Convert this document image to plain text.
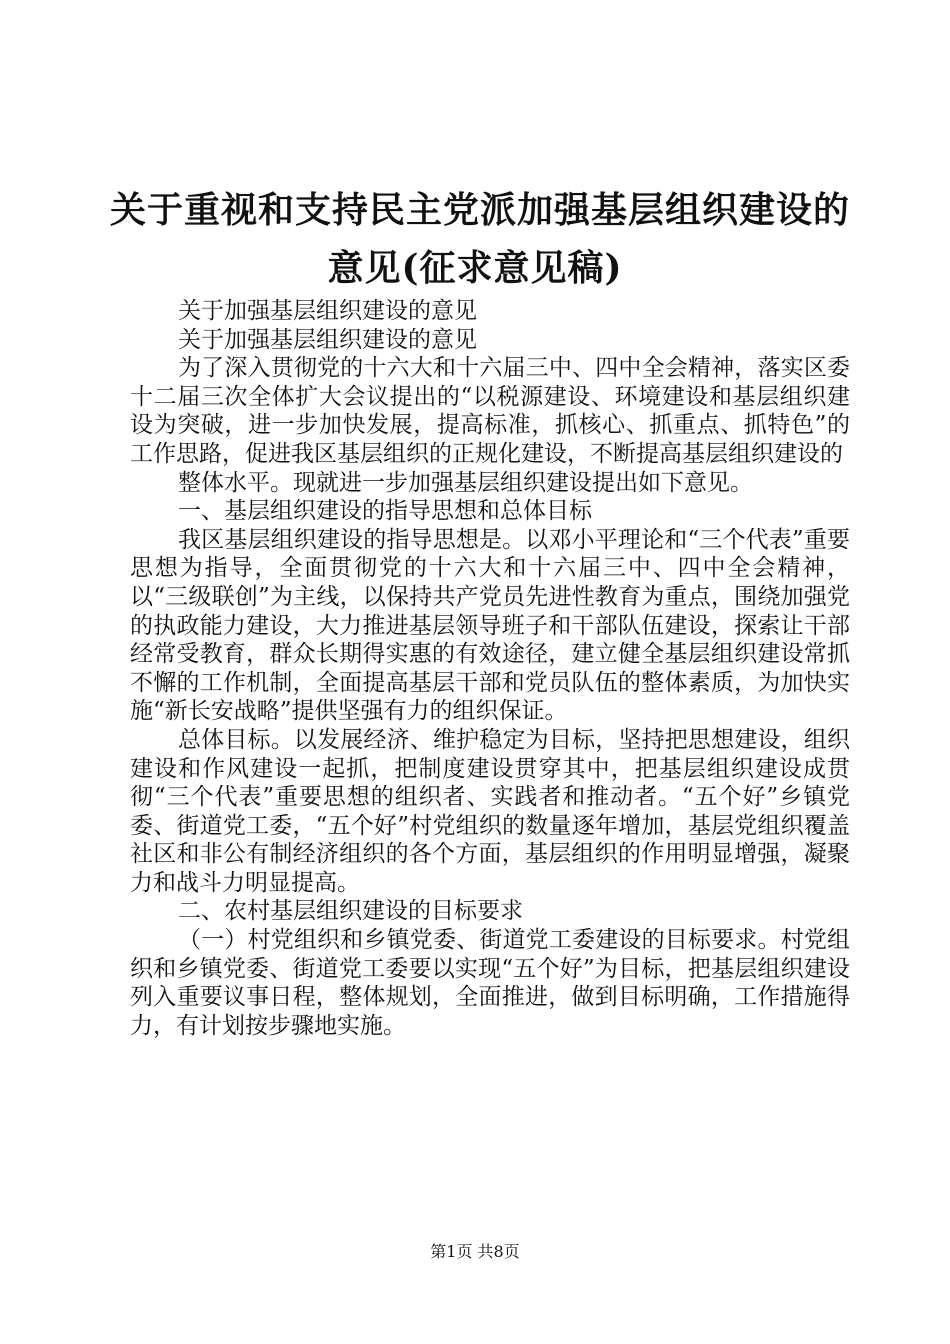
关于重视和支持民主党派加强基层组织建设的
意见(征求意见稿)

关于加强基层组织建设的意见

关于加强基层组织建设的意见

为了深入贯彻党的十六大和十六届三中、四中全会精神，落实区委十二届三次全体扩大会议提出的“以税源建设、环境建设和基层组织建设为突破，进一步加快发展，提高标准，抓核心、抓重点、抓特色”的工作思路，促进我区基层组织的正规化建设，不断提高基层组织建设的

整体水平。现就进一步加强基层组织建设提出如下意见。

一、基层组织建设的指导思想和总体目标

我区基层组织建设的指导思想是。以邓小平理论和“三个代表”重要思想为指导，全面贯彻党的十六大和十六届三中、四中全会精神，以“三级联创”为主线，以保持共产党员先进性教育为重点，围绕加强党的执政能力建设，大力推进基层领导班子和干部队伍建设，探索让干部经常受教育，群众长期得实惠的有效途径，建立健全基层组织建设常抓不懈的工作机制，全面提高基层干部和党员队伍的整体素质，为加快实施“新长安战略”提供坚强有力的组织保证。

总体目标。以发展经济、维护稳定为目标，坚持把思想建设，组织建设和作风建设一起抓，把制度建设贯穿其中，把基层组织建设成贯彻“三个代表”重要思想的组织者、实践者和推动者。“五个好”乡镇党委、街道党工委，“五个好”村党组织的数量逐年增加，基层党组织覆盖社区和非公有制经济组织的各个方面，基层组织的作用明显增强，凝聚力和战斗力明显提高。

二、农村基层组织建设的目标要求

（一）村党组织和乡镇党委、街道党工委建设的目标要求。村党组织和乡镇党委、街道党工委要以实现“五个好”为目标，把基层组织建设列入重要议事日程，整体规划，全面推进，做到目标明确，工作措施得力，有计划按步骤地实施。

第1页 共8页
